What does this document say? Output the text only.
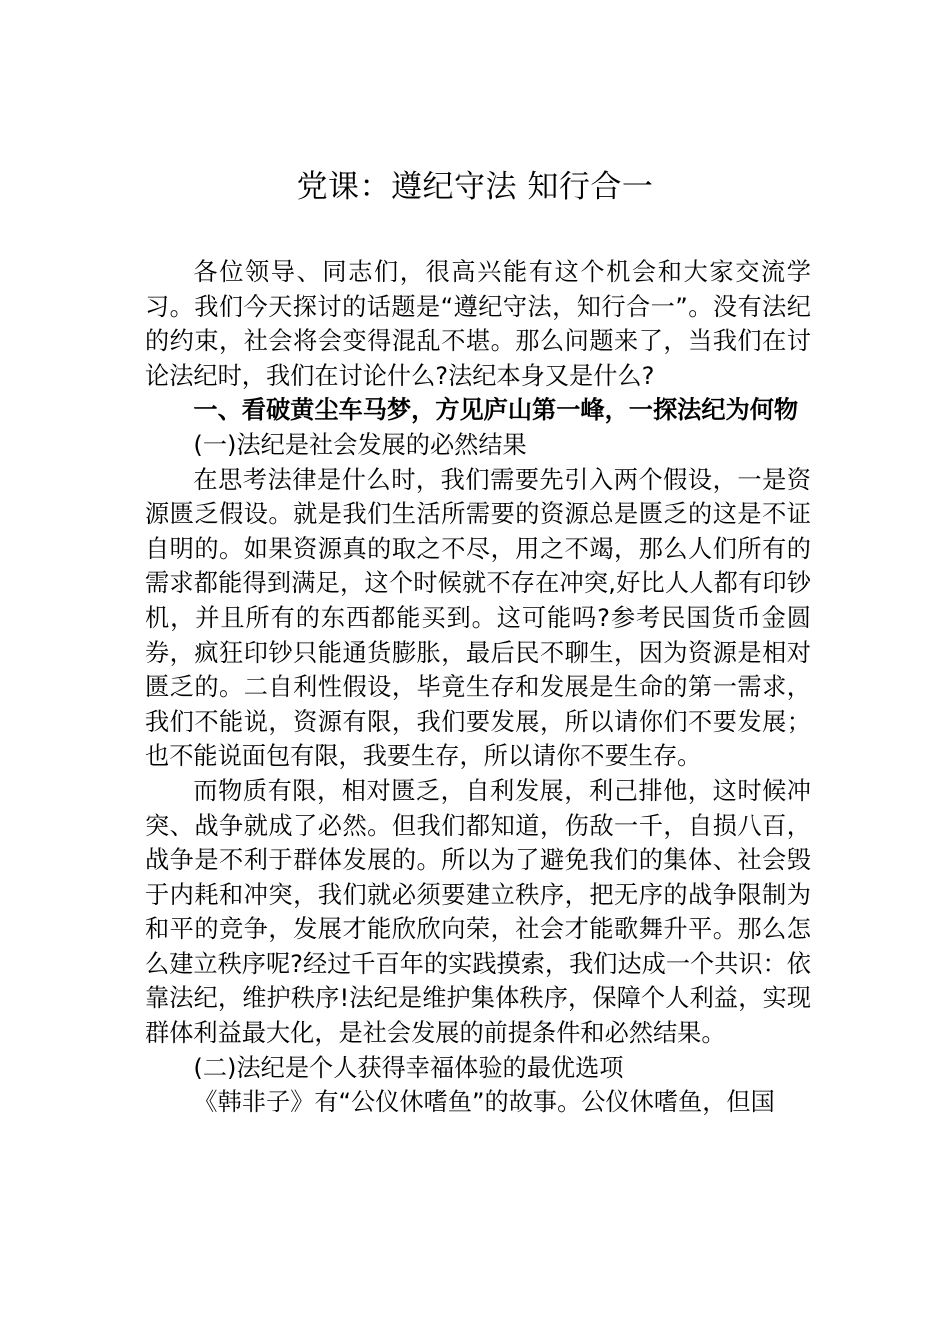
党课：遵纪守法 知行合一

各位领导、同志们，很高兴能有这个机会和大家交流学习。我们今天探讨的话题是“遵纪守法，知行合一”。没有法纪的约束，社会将会变得混乱不堪。那么问题来了，当我们在讨论法纪时，我们在讨论什么?法纪本身又是什么?

一、看破黄尘车马梦，方见庐山第一峰，一探法纪为何物

(一)法纪是社会发展的必然结果

在思考法律是什么时，我们需要先引入两个假设，一是资源匮乏假设。就是我们生活所需要的资源总是匮乏的这是不证自明的。如果资源真的取之不尽，用之不竭，那么人们所有的需求都能得到满足，这个时候就不存在冲突,好比人人都有印钞机，并且所有的东西都能买到。这可能吗?参考民国货币金圆券，疯狂印钞只能通货膨胀，最后民不聊生，因为资源是相对匮乏的。二自利性假设，毕竟生存和发展是生命的第一需求，我们不能说，资源有限，我们要发展，所以请你们不要发展；也不能说面包有限，我要生存，所以请你不要生存。

而物质有限，相对匮乏，自利发展，利己排他，这时候冲突、战争就成了必然。但我们都知道，伤敌一千，自损八百，战争是不利于群体发展的。所以为了避免我们的集体、社会毁于内耗和冲突，我们就必须要建立秩序，把无序的战争限制为和平的竞争，发展才能欣欣向荣，社会才能歌舞升平。那么怎么建立秩序呢?经过千百年的实践摸索，我们达成一个共识：依靠法纪，维护秩序!法纪是维护集体秩序，保障个人利益，实现群体利益最大化，是社会发展的前提条件和必然结果。

(二)法纪是个人获得幸福体验的最优选项

《韩非子》有“公仪休嗜鱼”的故事。公仪休嗜鱼，但国
